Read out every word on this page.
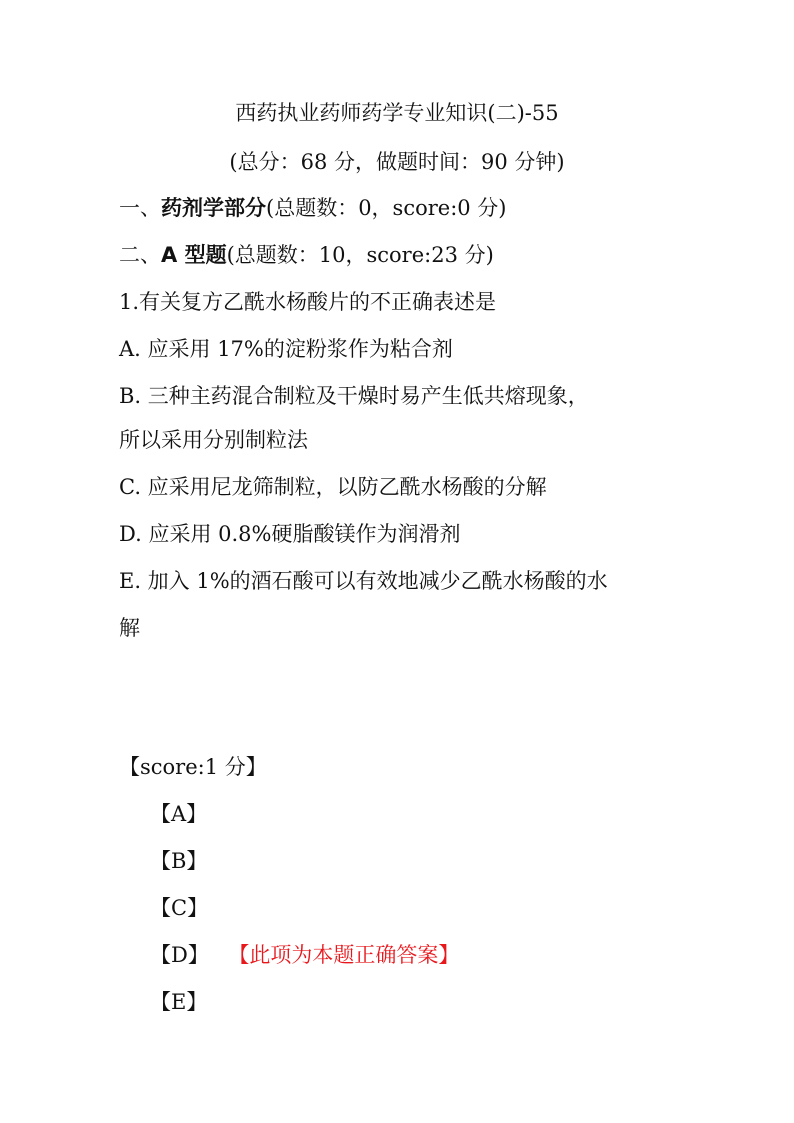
西药执业药师药学专业知识(二)-55
(总分：68 分，做题时间：90 分钟)
一、药剂学部分(总题数：0，score:0 分)
二、A 型题(总题数：10，score:23 分)
1.有关复方乙酰水杨酸片的不正确表述是
A. 应采用 17%的淀粉浆作为粘合剂
B. 三种主药混合制粒及干燥时易产生低共熔现象，
所以采用分别制粒法
C. 应采用尼龙筛制粒，以防乙酰水杨酸的分解
D. 应采用 0.8%硬脂酸镁作为润滑剂
E. 加入 1%的酒石酸可以有效地减少乙酰水杨酸的水
解
【score:1 分】
【A】
【B】
【C】
【D】 【此项为本题正确答案】
【E】
